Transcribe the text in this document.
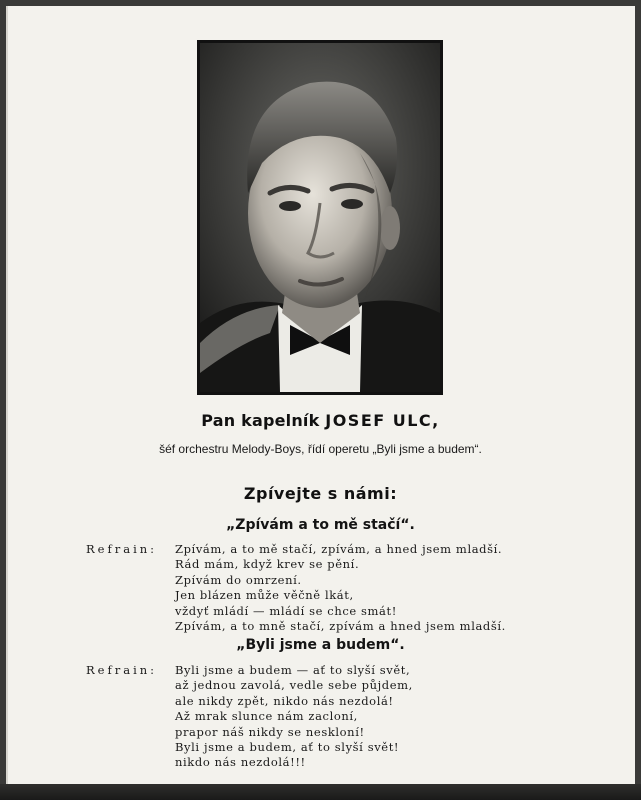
Pan kapelník JOSEF ULC,
šéf orchestru Melody-Boys, řídí operetu „Byli jsme a budem“.
Zpívejte s námi:
„Zpívám a to mě stačí“.
Refrain: Zpívám, a to mě stačí, zpívám, a hned jsem mladší.
Rád mám, když krev se pění.
Zpívám do omrzení.
Jen blázen může věčně lkát,
vždyť mládí — mládí se chce smát!
Zpívám, a to mně stačí, zpívám a hned jsem mladší.
„Byli jsme a budem“.
Refrain: Byli jsme a budem — ať to slyší svět,
až jednou zavolá, vedle sebe půjdem,
ale nikdy zpět, nikdo nás nezdolá!
Až mrak slunce nám zacloní,
prapor náš nikdy se neskloní!
Byli jsme a budem, ať to slyší svět!
nikdo nás nezdolá!!!
